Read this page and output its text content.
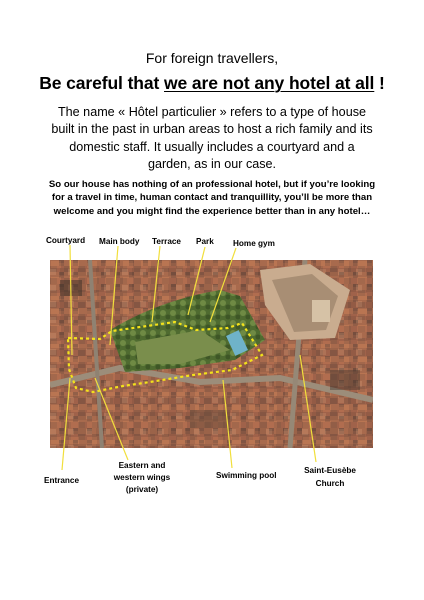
For foreign travellers,
Be careful that we are not any hotel at all !
The name « Hôtel particulier » refers to a type of house built in the past in urban areas to host a rich family and its domestic staff. It usually includes a courtyard and a garden, as in our case.
So our house has nothing of an professional hotel, but if you’re looking for a travel in time, human contact and tranquillity, you’ll be more than welcome and you might find the experience better than in any hotel…
Courtyard Main body Terrace Park Home gym
Entrance
Eastern and
western wings
(private)
Swimming pool
Saint-Eusèbe
Church
